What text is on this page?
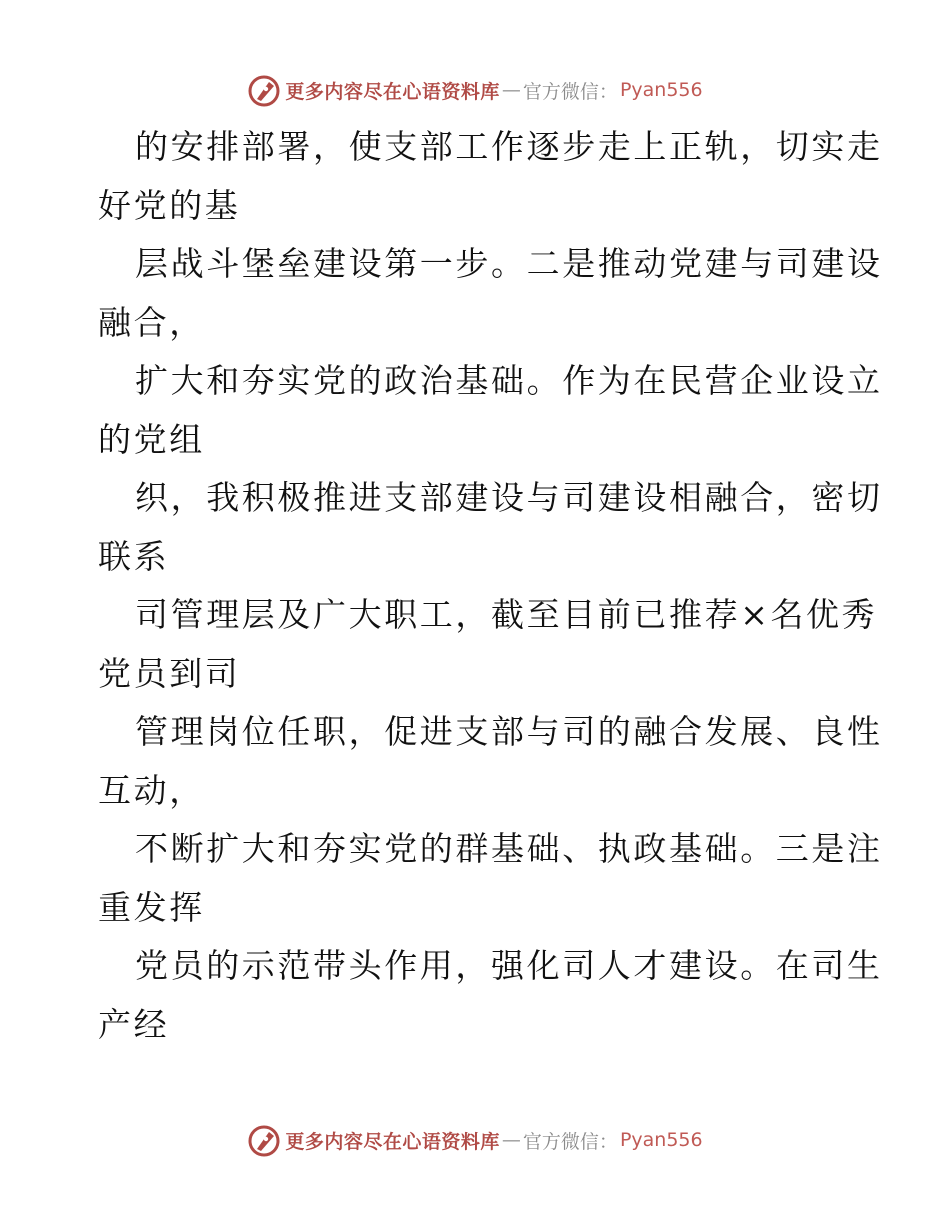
更多内容尽在心语资料库 — 官方微信： Pyan556
的安排部署，使支部工作逐步走上正轨，切实走
好党的基
层战斗堡垒建设第一步。二是推动党建与司建设
融合，
扩大和夯实党的政治基础。作为在民营企业设立
的党组
织，我积极推进支部建设与司建设相融合，密切
联系
司管理层及广大职工，截至目前已推荐×名优秀
党员到司
管理岗位任职，促进支部与司的融合发展、良性
互动，
不断扩大和夯实党的群基础、执政基础。三是注
重发挥
党员的示范带头作用，强化司人才建设。在司生
产经
更多内容尽在心语资料库 — 官方微信： Pyan556
